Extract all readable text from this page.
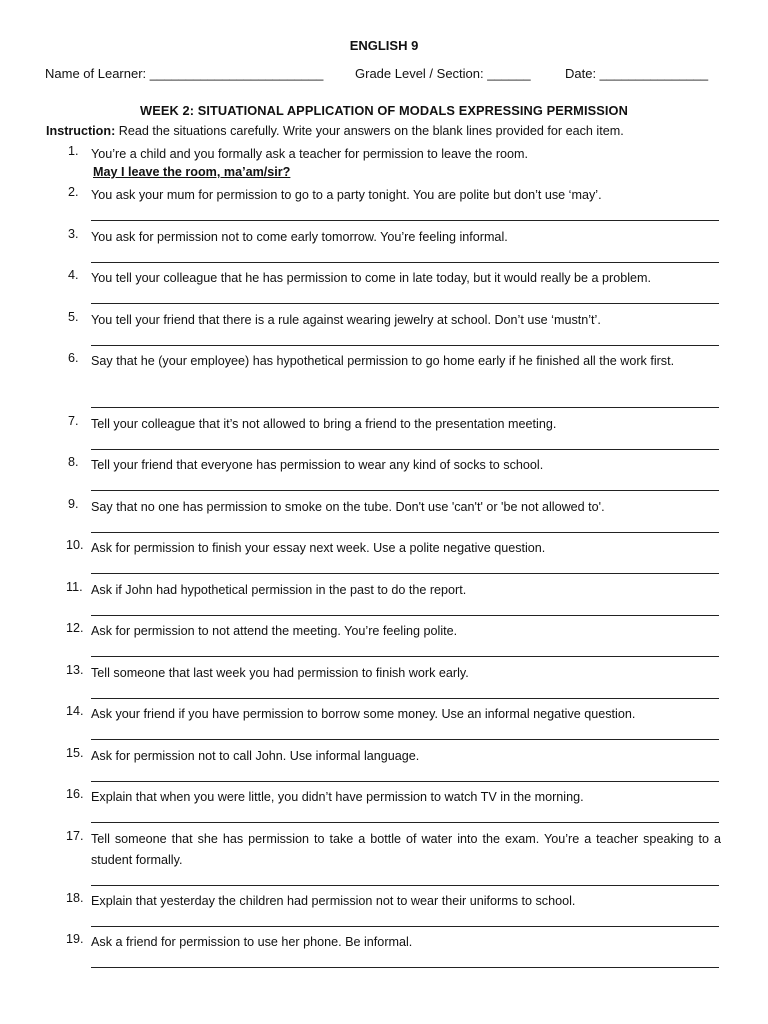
ENGLISH 9
Name of Learner: ________________________ Grade Level / Section: ______	Date: _______________
WEEK 2: SITUATIONAL APPLICATION OF MODALS EXPRESSING PERMISSION
Instruction: Read the situations carefully. Write your answers on the blank lines provided for each item.
1. You’re a child and you formally ask a teacher for permission to leave the room.
May I leave the room, ma’am/sir?
2. You ask your mum for permission to go to a party tonight. You are polite but don’t use ‘may’.
3. You ask for permission not to come early tomorrow. You’re feeling informal.
4. You tell your colleague that he has permission to come in late today, but it would really be a problem.
5. You tell your friend that there is a rule against wearing jewelry at school. Don’t use ‘mustn’t’.
6. Say that he (your employee) has hypothetical permission to go home early if he finished all the work first.
7. Tell your colleague that it’s not allowed to bring a friend to the presentation meeting.
8. Tell your friend that everyone has permission to wear any kind of socks to school.
9. Say that no one has permission to smoke on the tube. Don't use 'can't' or 'be not allowed to'.
10. Ask for permission to finish your essay next week. Use a polite negative question.
11. Ask if John had hypothetical permission in the past to do the report.
12. Ask for permission to not attend the meeting. You’re feeling polite.
13. Tell someone that last week you had permission to finish work early.
14. Ask your friend if you have permission to borrow some money. Use an informal negative question.
15. Ask for permission not to call John. Use informal language.
16. Explain that when you were little, you didn’t have permission to watch TV in the morning.
17. Tell someone that she has permission to take a bottle of water into the exam. You’re a teacher speaking to a student formally.
18. Explain that yesterday the children had permission not to wear their uniforms to school.
19. Ask a friend for permission to use her phone. Be informal.
